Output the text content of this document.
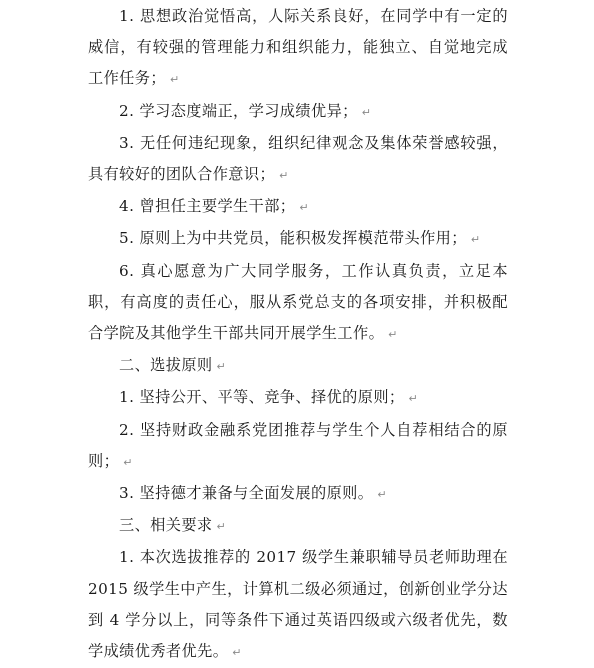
1. 思想政治觉悟高，人际关系良好，在同学中有一定的威信，有较强的管理能力和组织能力，能独立、自觉地完成工作任务； ↵

2. 学习态度端正，学习成绩优异； ↵

3. 无任何违纪现象，组织纪律观念及集体荣誉感较强，具有较好的团队合作意识； ↵

4. 曾担任主要学生干部； ↵

5. 原则上为中共党员，能积极发挥模范带头作用； ↵

6. 真心愿意为广大同学服务，工作认真负责，立足本职，有高度的责任心，服从系党总支的各项安排，并积极配合学院及其他学生干部共同开展学生工作。 ↵

二、选拔原则 ↵

1. 坚持公开、平等、竞争、择优的原则； ↵

2. 坚持财政金融系党团推荐与学生个人自荐相结合的原则； ↵

3. 坚持德才兼备与全面发展的原则。 ↵

三、相关要求 ↵

1. 本次选拔推荐的 2017 级学生兼职辅导员老师助理在 2015 级学生中产生，计算机二级必须通过，创新创业学分达到 4 学分以上，同等条件下通过英语四级或六级者优先，数学成绩优秀者优先。 ↵
